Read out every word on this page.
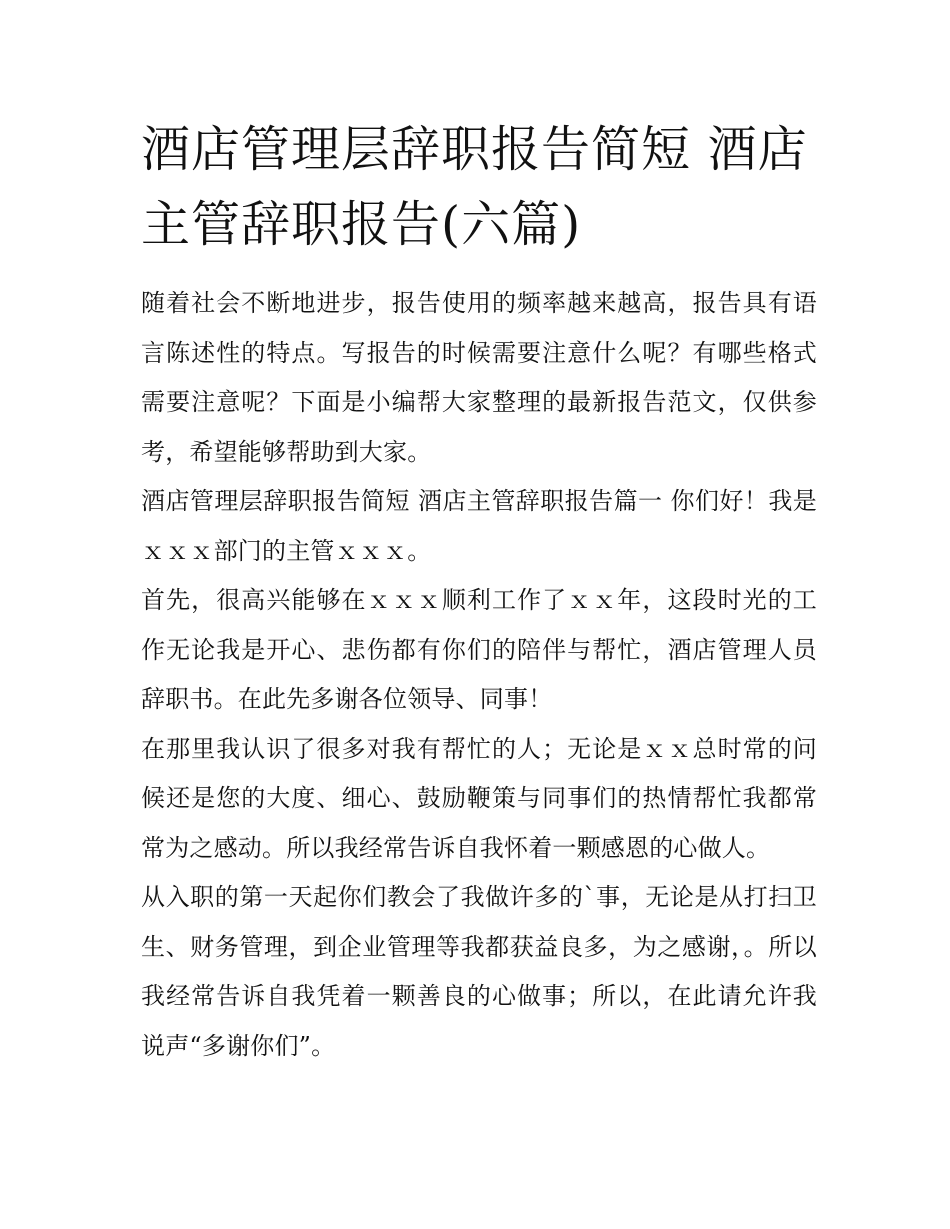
酒店管理层辞职报告简短 酒店主管辞职报告(六篇)

随着社会不断地进步，报告使用的频率越来越高，报告具有语言陈述性的特点。写报告的时候需要注意什么呢？有哪些格式需要注意呢？下面是小编帮大家整理的最新报告范文，仅供参考，希望能够帮助到大家。

酒店管理层辞职报告简短 酒店主管辞职报告篇一 你们好！我是ｘｘｘ部门的主管ｘｘｘ。

首先，很高兴能够在ｘｘｘ顺利工作了ｘｘ年，这段时光的工作无论我是开心、悲伤都有你们的陪伴与帮忙，酒店管理人员辞职书。在此先多谢各位领导、同事！

在那里我认识了很多对我有帮忙的人；无论是ｘｘ总时常的问候还是您的大度、细心、鼓励鞭策与同事们的热情帮忙我都常常为之感动。所以我经常告诉自我怀着一颗感恩的心做人。

从入职的第一天起你们教会了我做许多的`事，无论是从打扫卫生、财务管理，到企业管理等我都获益良多，为之感谢，。所以我经常告诉自我凭着一颗善良的心做事；所以，在此请允许我说声“多谢你们”。
